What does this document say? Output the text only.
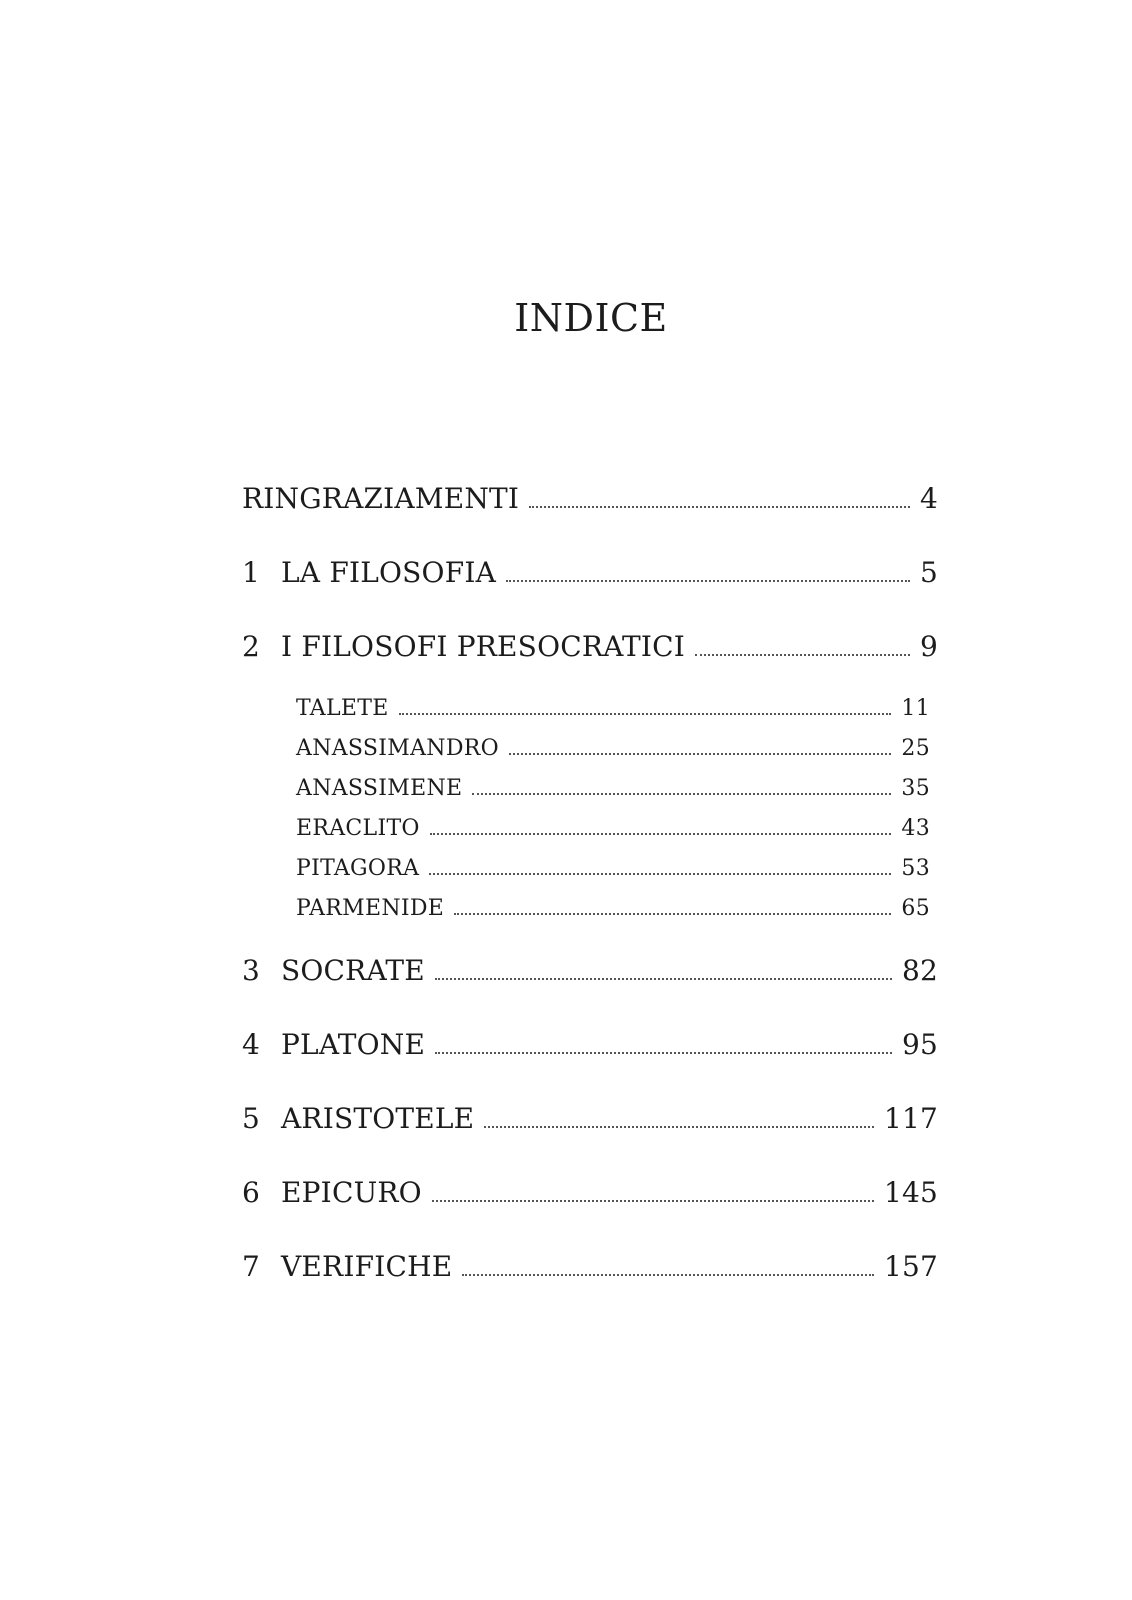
INDICE
RINGRAZIAMENTI	4
1 LA FILOSOFIA	5
2 I FILOSOFI PRESOCRATICI	9
TALETE	11
ANASSIMANDRO	25
ANASSIMENE	35
ERACLITO	43
PITAGORA	53
PARMENIDE	65
3 SOCRATE	82
4 PLATONE	95
5 ARISTOTELE	117
6 EPICURO	145
7 VERIFICHE	157
